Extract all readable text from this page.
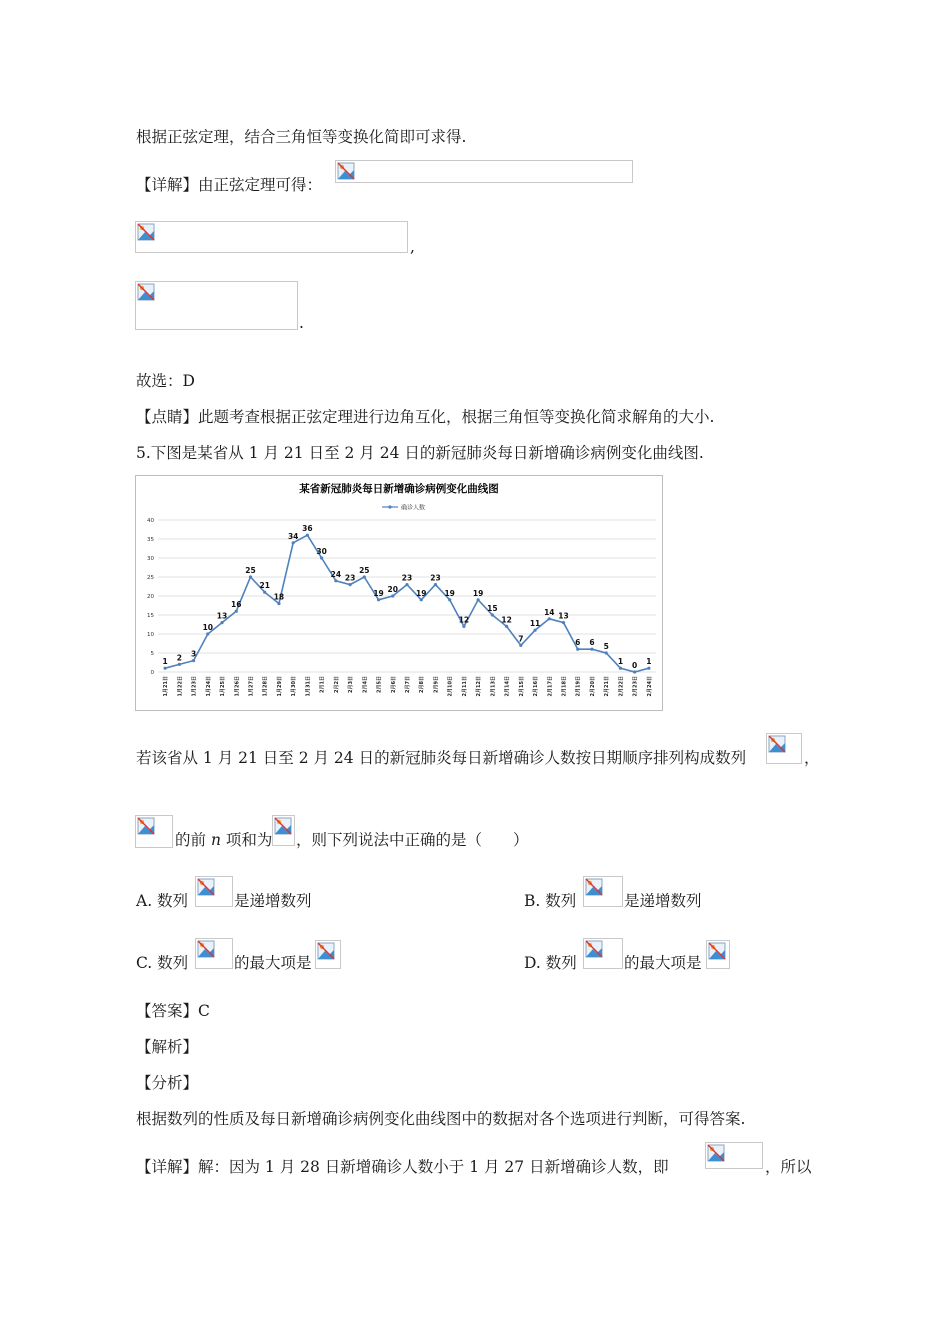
根据正弦定理，结合三角恒等变换化简即可求得.
【详解】由正弦定理可得：
,
.
故选：D
【点睛】此题考查根据正弦定理进行边角互化，根据三角恒等变换化简求解角的大小.
5.下图是某省从 1 月 21 日至 2 月 24 日的新冠肺炎每日新增确诊病例变化曲线图.
某省新冠肺炎每日新增确诊病例变化曲线图
确诊人数
0
5
10
15
20
25
30
35
40
1月21日 1月22日 1月23日 1月24日 1月25日 1月26日 1月27日 1月28日 1月29日 1月30日 1月31日 2月1日 2月2日 2月3日 2月4日 2月5日 2月6日 2月7日 2月8日 2月9日 2月10日 2月11日 2月12日 2月13日 2月14日 2月15日 2月16日 2月17日 2月18日 2月19日 2月20日 2月21日 2月22日 2月23日 2月24日
1 2 3
10
13
16
25
21
18
34
36
30
24 23
25
19 20
23
19
23
19
12
19
15
12
7
11
14 13
6 6 5
1 0 1
若该省从 1 月 21 日至 2 月 24 日的新冠肺炎每日新增确诊人数按日期顺序排列构成数列	，
的前 n 项和为 ，则下列说法中正确的是（　　）
A. 数列	是递增数列	B. 数列	是递增数列
C. 数列	的最大项是	D. 数列	的最大项是
【答案】C
【解析】
【分析】
根据数列的性质及每日新增确诊病例变化曲线图中的数据对各个选项进行判断，可得答案.
【详解】解：因为 1 月 28 日新增确诊人数小于 1 月 27 日新增确诊人数，即	，所以
